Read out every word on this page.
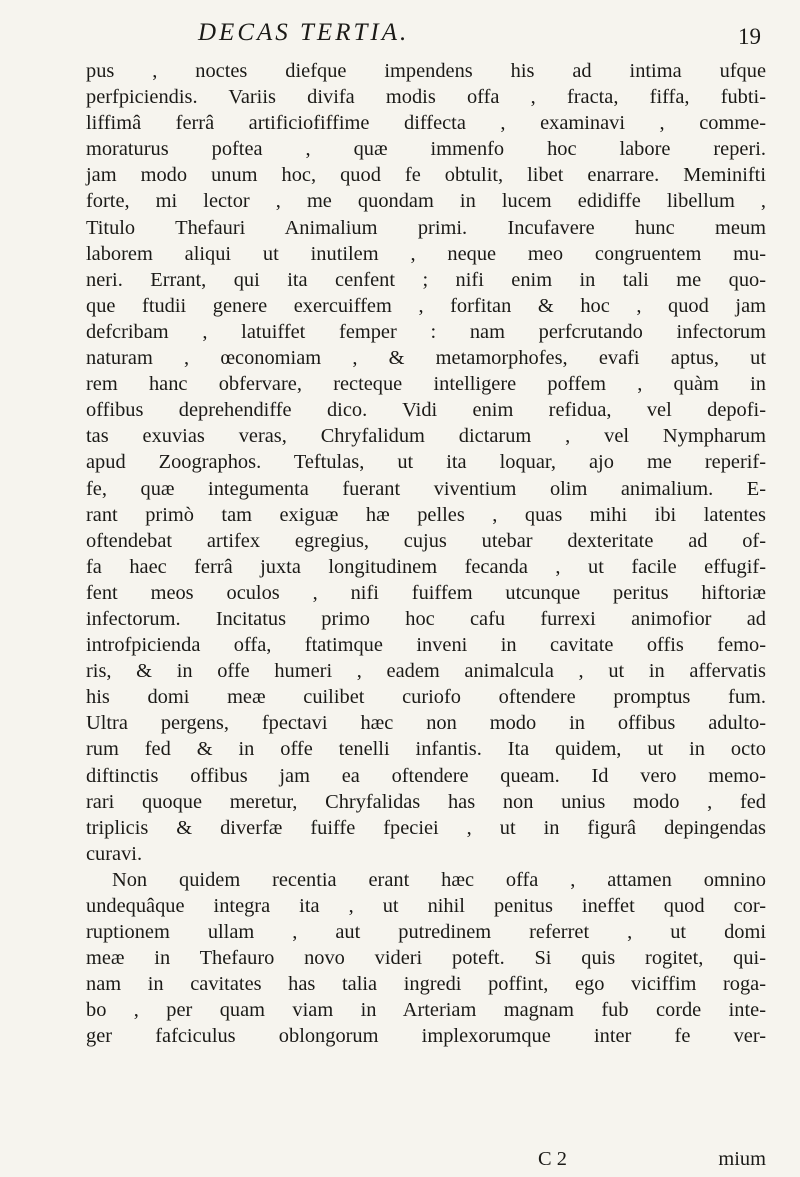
DECAS TERTIA.	19
pus , noctes diefque impendens his ad intima ufque
perfpiciendis. Variis divifa modis offa , fracta, fiffa, fubti-
liffimâ ferrâ artificiofiffime diffecta , examinavi , comme-
moraturus poftea , quæ immenfo hoc labore reperi.
jam modo unum hoc, quod fe obtulit, libet enarrare. Meminifti
forte, mi lector , me quondam in lucem edidiffe libellum ,
Titulo Thefauri Animalium primi. Incufavere hunc meum
laborem aliqui ut inutilem , neque meo congruentem mu-
neri. Errant, qui ita cenfent ; nifi enim in tali me quo-
que ftudii genere exercuiffem , forfitan & hoc , quod jam
defcribam , latuiffet femper : nam perfcrutando infectorum
naturam , œconomiam , & metamorphofes, evafi aptus, ut
rem hanc obfervare, recteque intelligere poffem , quàm in
offibus deprehendiffe dico. Vidi enim refidua, vel depofi-
tas exuvias veras, Chryfalidum dictarum , vel Nympharum
apud Zoographos. Teftulas, ut ita loquar, ajo me reperif-
fe, quæ integumenta fuerant viventium olim animalium. E-
rant primò tam exiguæ hæ pelles , quas mihi ibi latentes
oftendebat artifex egregius, cujus utebar dexteritate ad of-
fa haec ferrâ juxta longitudinem fecanda , ut facile effugif-
fent meos oculos , nifi fuiffem utcunque peritus hiftoriæ
infectorum. Incitatus primo hoc cafu furrexi animofior ad
introfpicienda offa, ftatimque inveni in cavitate offis femo-
ris, & in offe humeri , eadem animalcula , ut in affervatis
his domi meæ cuilibet curiofo oftendere promptus fum.
Ultra pergens, fpectavi hæc non modo in offibus adulto-
rum fed & in offe tenelli infantis. Ita quidem, ut in octo
diftinctis offibus jam ea oftendere queam. Id vero memo-
rari quoque meretur, Chryfalidas has non unius modo , fed
triplicis & diverfæ fuiffe fpeciei , ut in figurâ depingendas
curavi.
Non quidem recentia erant hæc offa , attamen omnino
undequâque integra ita , ut nihil penitus ineffet quod cor-
ruptionem ullam , aut putredinem referret , ut domi
meæ in Thefauro novo videri poteft. Si quis rogitet, qui-
nam in cavitates has talia ingredi poffint, ego viciffim roga-
bo , per quam viam in Arteriam magnam fub corde inte-
ger fafciculus oblongorum implexorumque inter fe ver-
C 2	mium
